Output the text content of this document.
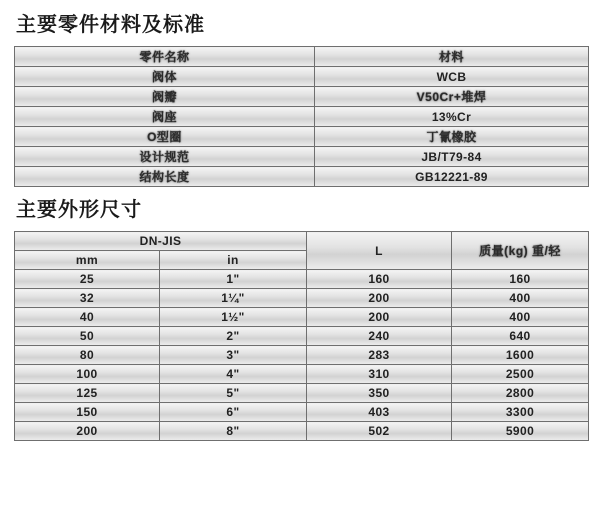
主要零件材料及标准
零件名称	材料
阀体	WCB
阀瓣	V50Cr+堆焊
阀座	13%Cr
O型圈	丁氰橡胶
设计规范	JB/T79-84
结构长度	GB12221-89
主要外形尺寸
DN-JIS		L	质量(kg) 重/轻
mm	in		
25	1"	160	160
32	1¼"	200	400
40	1½"	200	400
50	2"	240	640
80	3"	283	1600
100	4"	310	2500
125	5"	350	2800
150	6"	403	3300
200	8"	502	5900
